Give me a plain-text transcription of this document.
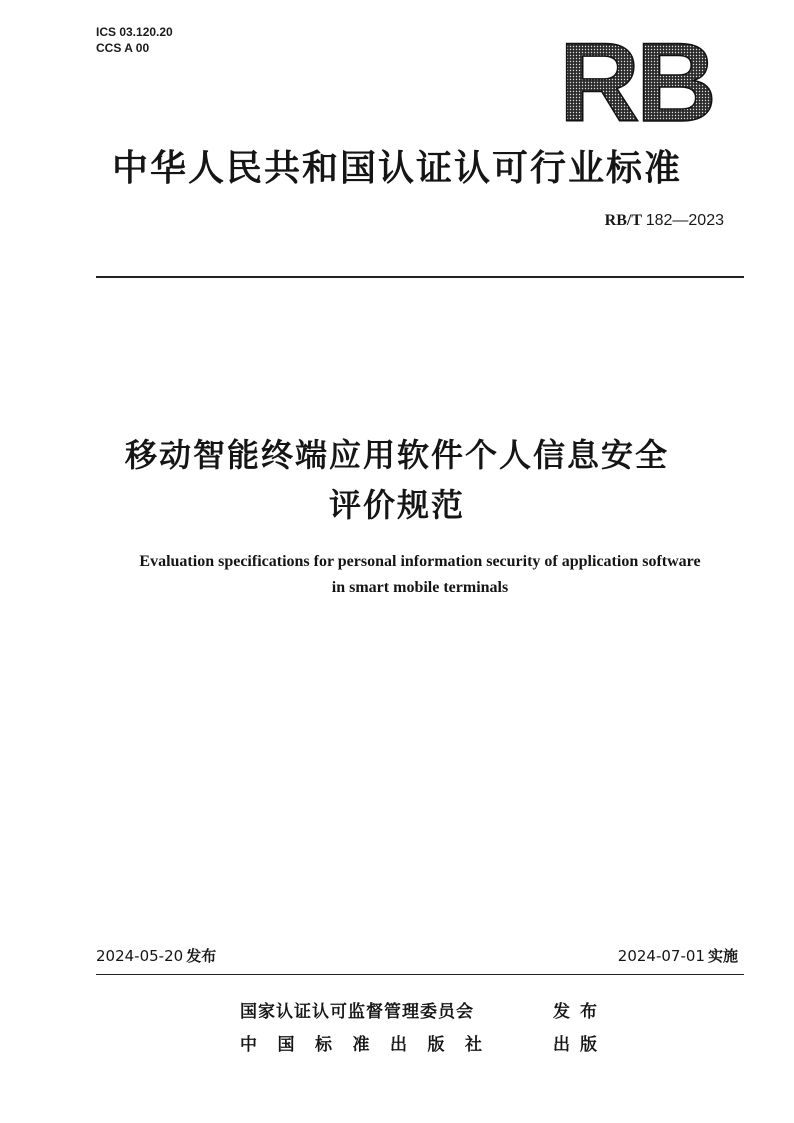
ICS 03.120.20
CCS A 00	RB
中华人民共和国认证认可行业标准
RB/T 182—2023
移动智能终端应用软件个人信息安全
评价规范
Evaluation specifications for personal information security of application software
in smart mobile terminals
2024-05-20 发布	2024-07-01 实施
国家认证认可监督管理委员会	发布
中国标准出版社	出版
